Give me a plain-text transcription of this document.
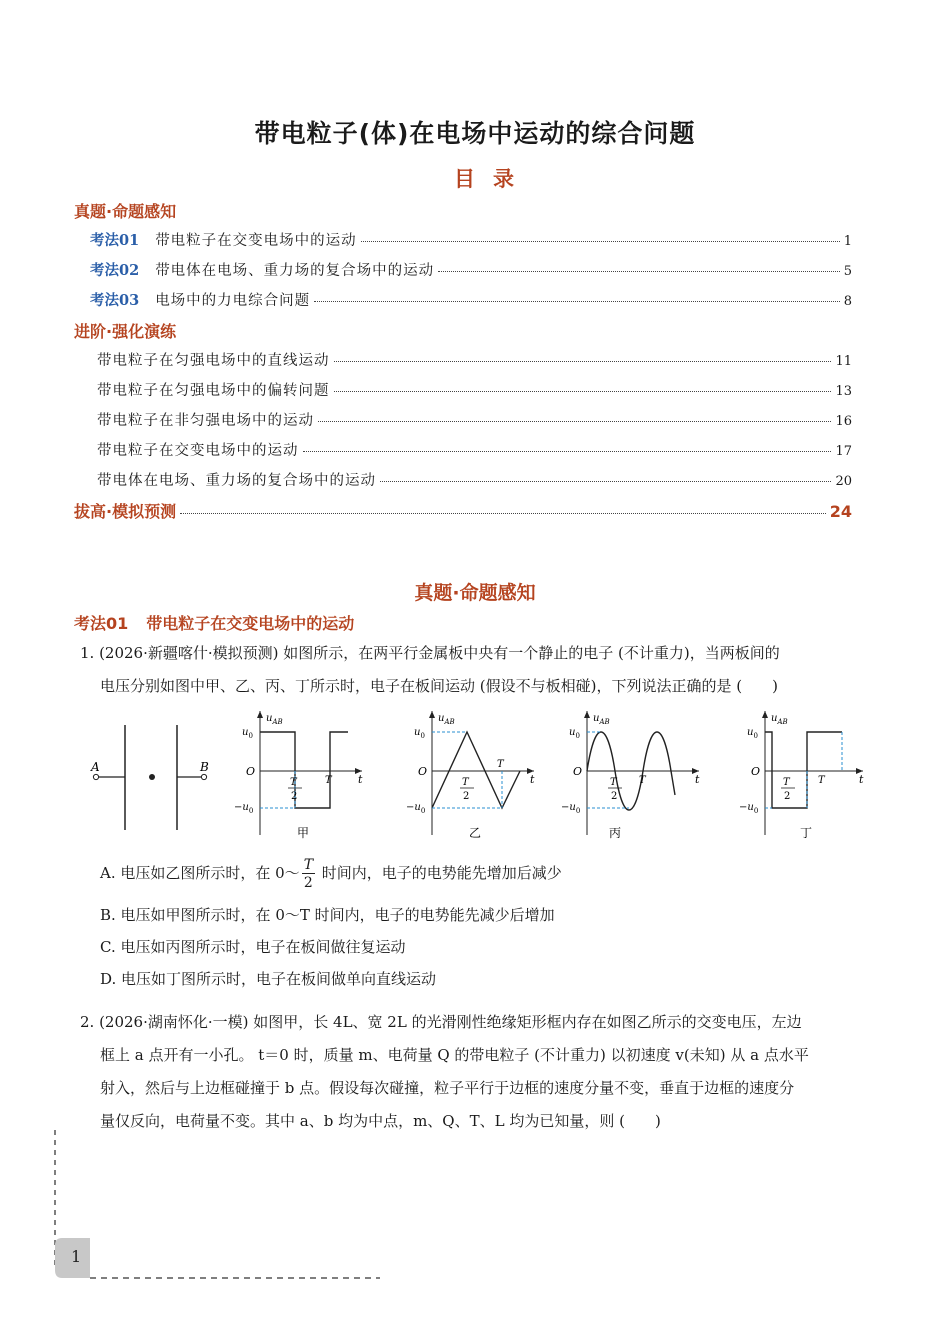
带电粒子(体)在电场中运动的综合问题
目录
真题·命题感知
考法01 带电粒子在交变电场中的运动	1
考法02 带电体在电场、重力场的复合场中的运动	5
考法03 电场中的力电综合问题	8
进阶·强化演练
带电粒子在匀强电场中的直线运动	11
带电粒子在匀强电场中的偏转问题	13
带电粒子在非匀强电场中的运动	16
带电粒子在交变电场中的运动	17
带电体在电场、重力场的复合场中的运动	20
拔高·模拟预测	24
真题·命题感知
考法01 带电粒子在交变电场中的运动
1. (2026·新疆喀什·模拟预测) 如图所示，在两平行金属板中央有一个静止的电子 (不计重力)，当两板间的
电压分别如图中甲、乙、丙、丁所示时，电子在板间运动 (假设不与板相碰)，下列说法正确的是 (　　)
A	B
$u_{AB}$
$u_0$
$-u_0$
O
T
2
T t
甲
$u_{AB}$
$u_0$
$-u_0$
O
T
2
T
t
乙
$u_{AB}$
$u_0$
$-u_0$
O
T
2
T	t
丙
$u_{AB}$
$u_0$
$-u_0$
O
T
2
T	t
丁
A. 电压如乙图所示时，在 0～ $\frac{T}{2}$ 时间内，电子的电势能先增加后减少
B. 电压如甲图所示时，在 0～T 时间内，电子的电势能先减少后增加
C. 电压如丙图所示时，电子在板间做往复运动
D. 电压如丁图所示时，电子在板间做单向直线运动
2. (2026·湖南怀化·一模) 如图甲，长 4L、宽 2L 的光滑刚性绝缘矩形框内存在如图乙所示的交变电压，左边
框上 a 点开有一小孔。 t＝0 时，质量 m、电荷量 Q 的带电粒子 (不计重力) 以初速度 v(未知) 从 a 点水平
射入，然后与上边框碰撞于 b 点。假设每次碰撞，粒子平行于边框的速度分量不变，垂直于边框的速度分
量仅反向，电荷量不变。其中 a、b 均为中点，m、Q、T、L 均为已知量，则 (　　)
1
